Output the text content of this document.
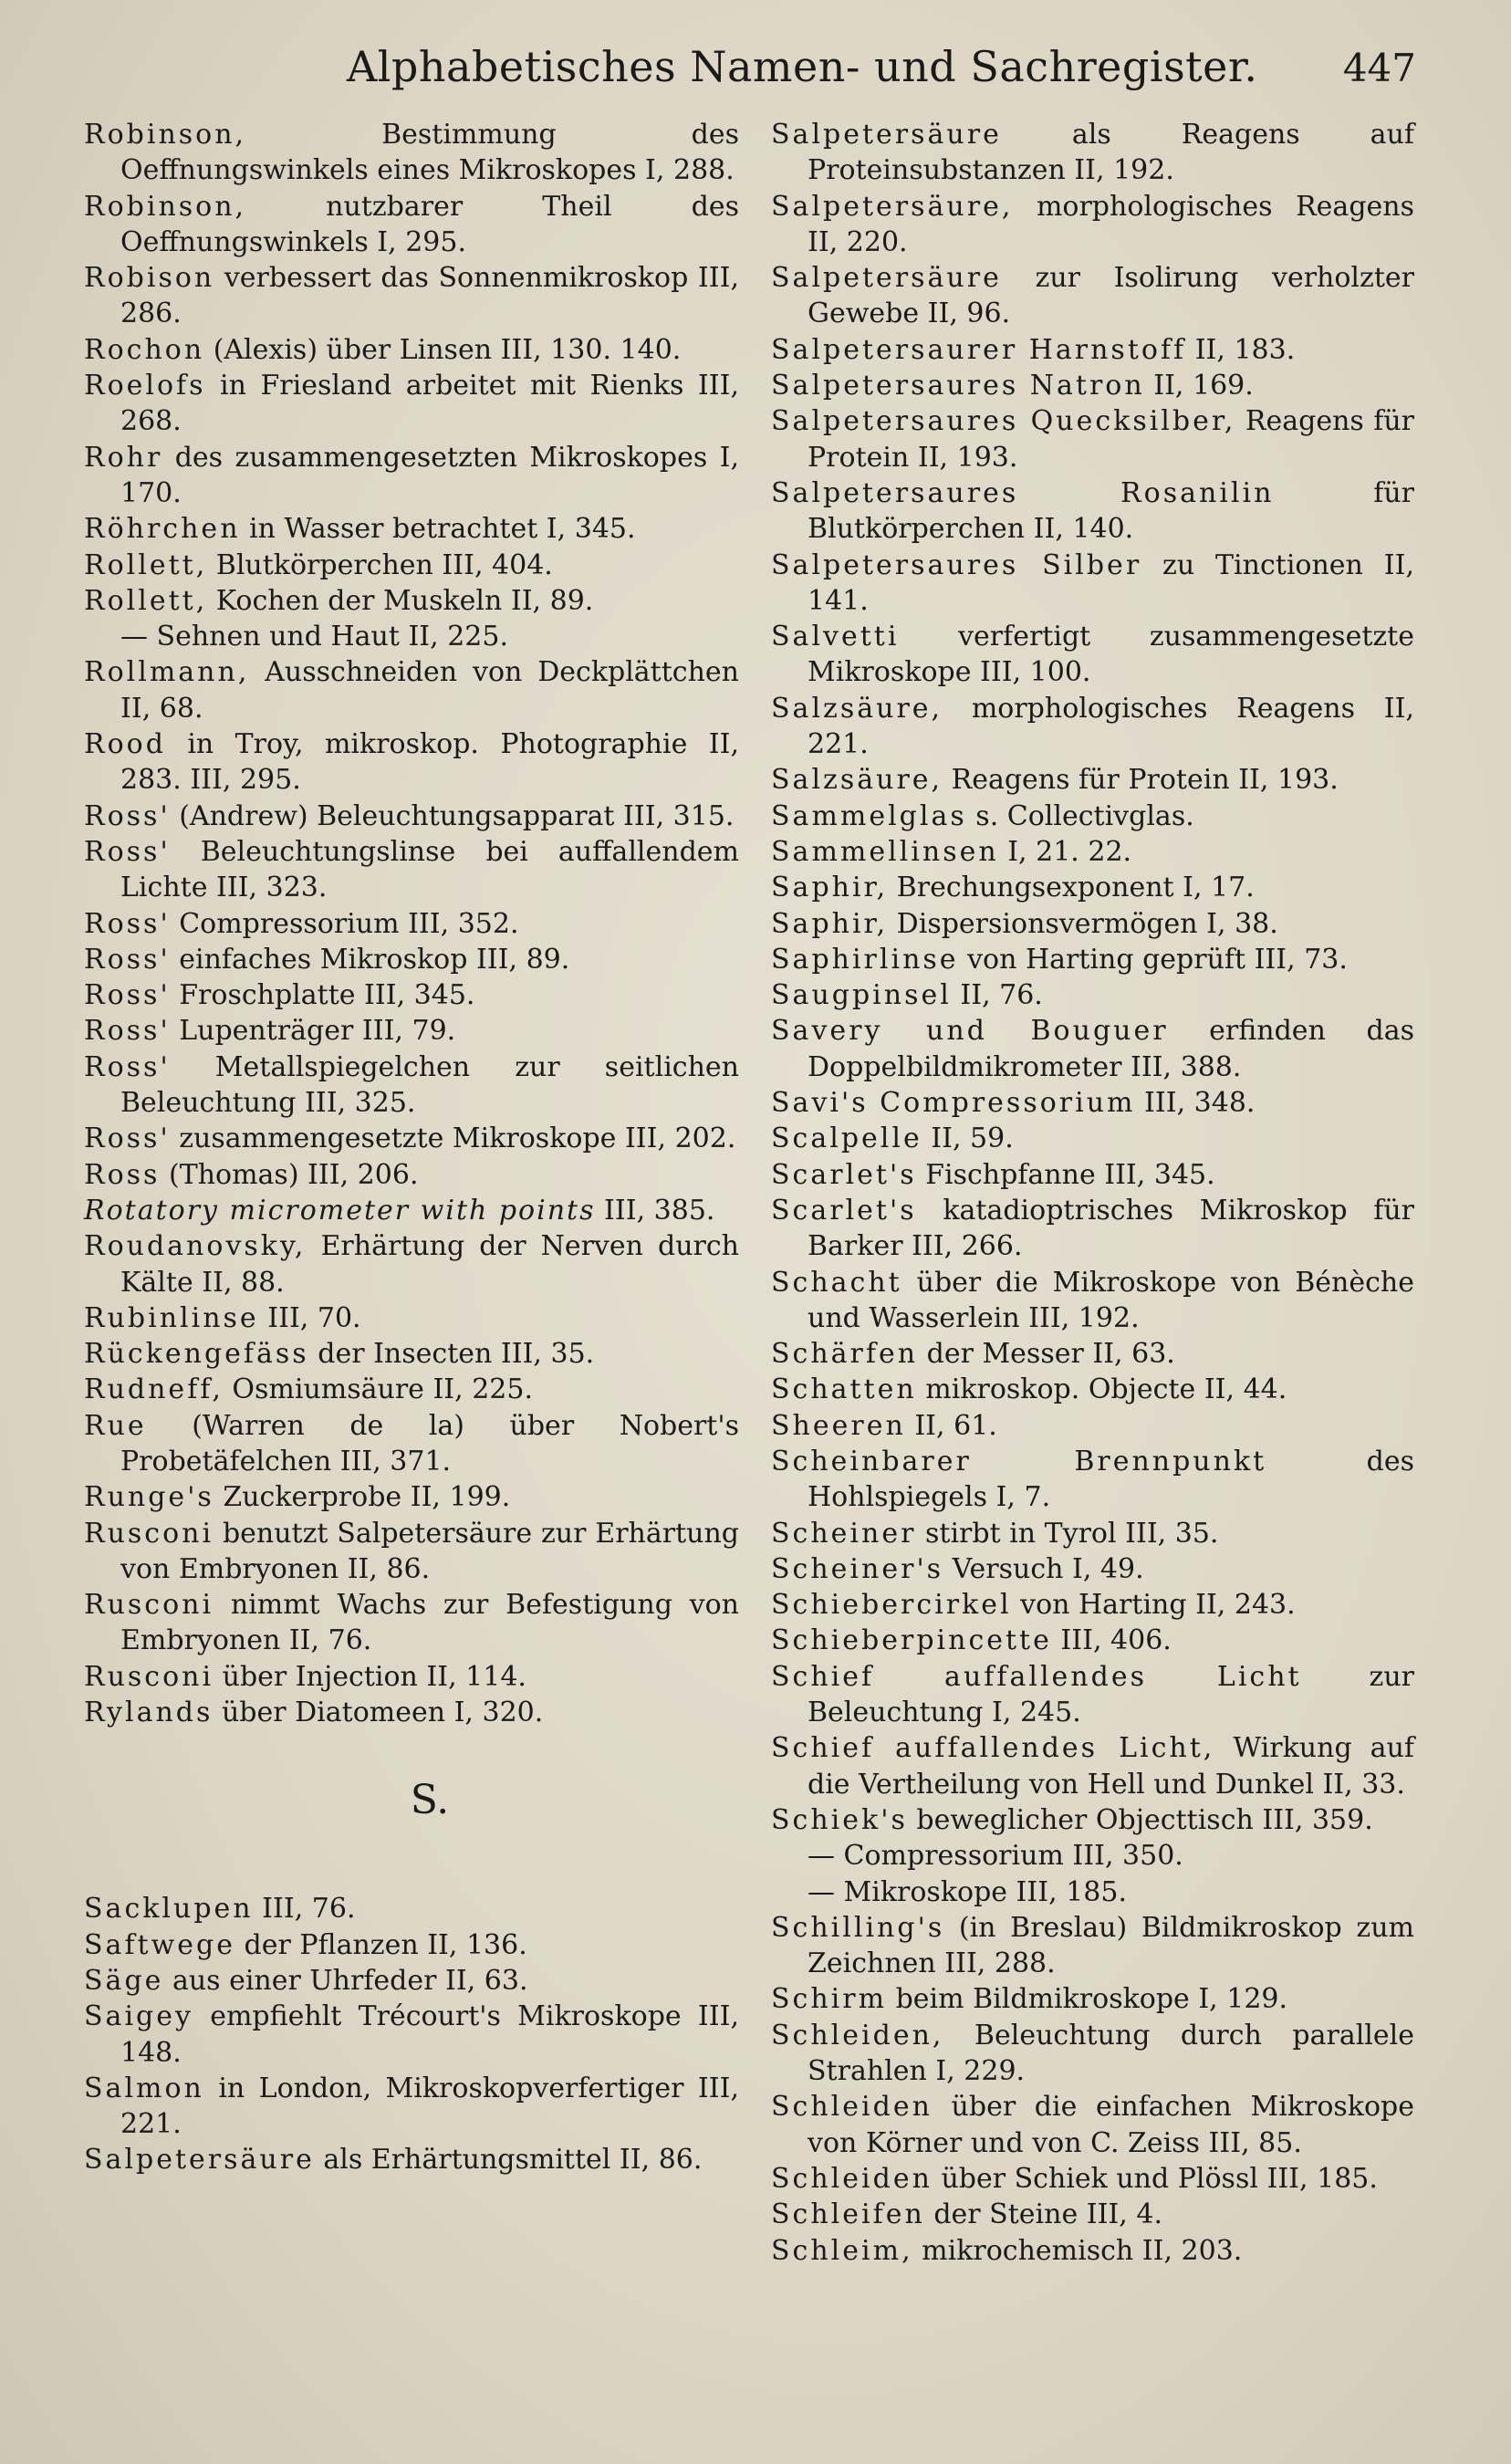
Alphabetisches Namen- und Sachregister. 447

Robinson, Bestimmung des Oeffnungswinkels eines Mikroskopes I, 288.

Robinson, nutzbarer Theil des Oeffnungswinkels I, 295.

Robison verbessert das Sonnenmikroskop III, 286.

Rochon (Alexis) über Linsen III, 130. 140.

Roelofs in Friesland arbeitet mit Rienks III, 268.

Rohr des zusammengesetzten Mikroskopes I, 170.

Röhrchen in Wasser betrachtet I, 345.

Rollett, Blutkörperchen III, 404.

Rollett, Kochen der Muskeln II, 89.

— Sehnen und Haut II, 225.

Rollmann, Ausschneiden von Deckplättchen II, 68.

Rood in Troy, mikroskop. Photographie II, 283. III, 295.

Ross' (Andrew) Beleuchtungsapparat III, 315.

Ross' Beleuchtungslinse bei auffallendem Lichte III, 323.

Ross' Compressorium III, 352.

Ross' einfaches Mikroskop III, 89.

Ross' Froschplatte III, 345.

Ross' Lupenträger III, 79.

Ross' Metallspiegelchen zur seitlichen Beleuchtung III, 325.

Ross' zusammengesetzte Mikroskope III, 202.

Ross (Thomas) III, 206.

Rotatory micrometer with points III, 385.

Roudanovsky, Erhärtung der Nerven durch Kälte II, 88.

Rubinlinse III, 70.

Rückengefäss der Insecten III, 35.

Rudneff, Osmiumsäure II, 225.

Rue (Warren de la) über Nobert's Probetäfelchen III, 371.

Runge's Zuckerprobe II, 199.

Rusconi benutzt Salpetersäure zur Erhärtung von Embryonen II, 86.

Rusconi nimmt Wachs zur Befestigung von Embryonen II, 76.

Rusconi über Injection II, 114.

Rylands über Diatomeen I, 320.

S.

Sacklupen III, 76.

Saftwege der Pflanzen II, 136.

Säge aus einer Uhrfeder II, 63.

Saigey empfiehlt Trécourt's Mikroskope III, 148.

Salmon in London, Mikroskopverfertiger III, 221.

Salpetersäure als Erhärtungsmittel II, 86.

Salpetersäure als Reagens auf Proteinsubstanzen II, 192.

Salpetersäure, morphologisches Reagens II, 220.

Salpetersäure zur Isolirung verholzter Gewebe II, 96.

Salpetersaurer Harnstoff II, 183.

Salpetersaures Natron II, 169.

Salpetersaures Quecksilber, Reagens für Protein II, 193.

Salpetersaures Rosanilin für Blutkörperchen II, 140.

Salpetersaures Silber zu Tinctionen II, 141.

Salvetti verfertigt zusammengesetzte Mikroskope III, 100.

Salzsäure, morphologisches Reagens II, 221.

Salzsäure, Reagens für Protein II, 193.

Sammelglas s. Collectivglas.

Sammellinsen I, 21. 22.

Saphir, Brechungsexponent I, 17.

Saphir, Dispersionsvermögen I, 38.

Saphirlinse von Harting geprüft III, 73.

Saugpinsel II, 76.

Savery und Bouguer erfinden das Doppelbildmikrometer III, 388.

Savi's Compressorium III, 348.

Scalpelle II, 59.

Scarlet's Fischpfanne III, 345.

Scarlet's katadioptrisches Mikroskop für Barker III, 266.

Schacht über die Mikroskope von Bénèche und Wasserlein III, 192.

Schärfen der Messer II, 63.

Schatten mikroskop. Objecte II, 44.

Sheeren II, 61.

Scheinbarer Brennpunkt des Hohlspiegels I, 7.

Scheiner stirbt in Tyrol III, 35.

Scheiner's Versuch I, 49.

Schiebercirkel von Harting II, 243.

Schieberpincette III, 406.

Schief auffallendes Licht zur Beleuchtung I, 245.

Schief auffallendes Licht, Wirkung auf die Vertheilung von Hell und Dunkel II, 33.

Schiek's beweglicher Objecttisch III, 359.

— Compressorium III, 350.

— Mikroskope III, 185.

Schilling's (in Breslau) Bildmikroskop zum Zeichnen III, 288.

Schirm beim Bildmikroskope I, 129.

Schleiden, Beleuchtung durch parallele Strahlen I, 229.

Schleiden über die einfachen Mikroskope von Körner und von C. Zeiss III, 85.

Schleiden über Schiek und Plössl III, 185.

Schleifen der Steine III, 4.

Schleim, mikrochemisch II, 203.
